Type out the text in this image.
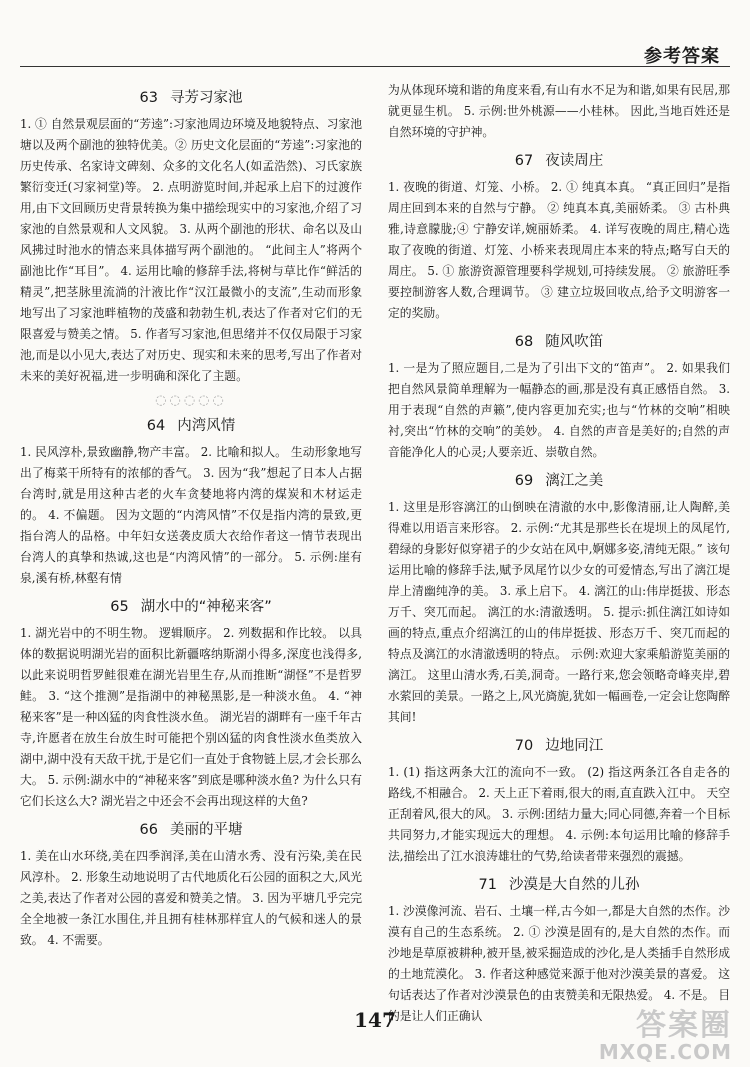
参考答案
63 寻芳习家池

1. ① 自然景观层面的“芳逵”:习家池周边环境及地貌特点、习家池塘以及两个副池的独特优美。② 历史文化层面的“芳逵”:习家池的历史传承、名家诗文碑刻、众多的文化名人(如孟浩然)、习氏家族繁衍变迁(习家祠堂)等。 2. 点明游览时间,并起承上启下的过渡作用,由下文回顾历史背景转换为集中描绘现实中的习家池,介绍了习家池的自然景观和人文风貌。 3. 从两个副池的形状、命名以及山风拂过时池水的情态来具体描写两个副池的。 “此间主人”将两个副池比作“耳目”。 4. 运用比喻的修辞手法,将树与草比作“鲜活的精灵”,把茎脉里流淌的汁液比作“汉江最微小的支流”,生动而形象地写出了习家池畔植物的茂盛和勃勃生机,表达了作者对它们的无限喜爱与赞美之情。 5. 作者写习家池,但思绪并不仅仅局限于习家池,而是以小见大,表达了对历史、现实和未来的思考,写出了作者对未来的美好祝福,进一步明确和深化了主题。

◌◌◌◌◌
64 内湾风情

1. 民风淳朴,景致幽静,物产丰富。 2. 比喻和拟人。 生动形象地写出了梅菜干所特有的浓郁的香气。 3. 因为“我”想起了日本人占据台湾时,就是用这种古老的火车贪婪地将内湾的煤炭和木材运走的。 4. 不偏题。 因为文题的“内湾风情”不仅是指内湾的景致,更指台湾人的品格。中年妇女送袭皮质大衣给作者这一情节表现出台湾人的真挚和热诚,这也是“内湾风情”的一部分。 5. 示例:崖有泉,溪有桥,林壑有情

65 湖水中的“神秘来客”

1. 湖光岩中的不明生物。 逻辑顺序。 2. 列数据和作比较。 以具体的数据说明湖光岩的面积比新疆喀纳斯湖小得多,深度也浅得多,以此来说明哲罗鲑很难在湖光岩里生存,从而推断“湖怪”不是哲罗鲑。 3. “这个推测”是指湖中的神秘黑影,是一种淡水鱼。 4. “神秘来客”是一种凶猛的肉食性淡水鱼。 湖光岩的湖畔有一座千年古寺,许愿者在放生台放生时可能把个别凶猛的肉食性淡水鱼类放入湖中,湖中没有天敌干扰,于是它们一直处于食物链上层,才会长那么大。 5. 示例:湖水中的“神秘来客”到底是哪种淡水鱼? 为什么只有它们长这么大? 湖光岩之中还会不会再出现这样的大鱼?

66 美丽的平塘

1. 美在山水环绕,美在四季润泽,美在山清水秀、没有污染,美在民风淳朴。 2. 形象生动地说明了古代地质化石公园的面积之大,风光之美,表达了作者对公园的喜爱和赞美之情。 3. 因为平塘几乎完完全全地被一条江水围住,并且拥有桂林那样宜人的气候和迷人的景致。 4. 不需要。

为从体现环境和谐的角度来看,有山有水不足为和谐,如果有民居,那就更显生机。 5. 示例:世外桃源——小桂林。 因此,当地百姓还是自然环境的守护神。

67 夜读周庄

1. 夜晚的街道、灯笼、小桥。 2. ① 纯真本真。 “真正回归”是指周庄回到本来的自然与宁静。 ② 纯真本真,美丽娇柔。 ③ 古朴典雅,诗意朦胧;④ 宁静安详,婉丽娇柔。 4. 详写夜晚的周庄,精心选取了夜晚的街道、灯笼、小桥来表现周庄本来的特点;略写白天的周庄。 5. ① 旅游资源管理要科学规划,可持续发展。 ② 旅游旺季要控制游客人数,合理调节。 ③ 建立垃圾回收点,给予文明游客一定的奖励。

68 随风吹笛

1. 一是为了照应题目,二是为了引出下文的“笛声”。 2. 如果我们把自然风景简单理解为一幅静态的画,那是没有真正感悟自然。 3. 用于表现“自然的声籁”,使内容更加充实;也与“竹林的交响”相映衬,突出“竹林的交响”的美妙。 4. 自然的声音是美好的;自然的声音能净化人的心灵;人要亲近、崇敬自然。

69 漓江之美

1. 这里是形容漓江的山倒映在清澈的水中,影像清丽,让人陶醉,美得难以用语言来形容。 2. 示例:“尤其是那些长在堤坝上的凤尾竹,碧绿的身影好似穿裙子的少女站在风中,婀娜多姿,清纯无限。” 该句运用比喻的修辞手法,赋予凤尾竹以少女的可爱情态,写出了漓江堤岸上清幽纯净的美。 3. 承上启下。 4. 漓江的山:伟岸挺拔、形态万千、突兀而起。 漓江的水:清澈透明。 5. 提示:抓住漓江如诗如画的特点,重点介绍漓江的山的伟岸挺拔、形态万千、突兀而起的特点及漓江的水清澈透明的特点。 示例:欢迎大家乘船游览美丽的漓江。 这里山清水秀,石美,洞奇。一路行来,您会领略奇峰夹岸,碧水萦回的美景。一路之上,风光旖旎,犹如一幅画卷,一定会让您陶醉其间!

70 边地同江

1. (1) 指这两条大江的流向不一致。 (2) 指这两条江各自走各的路线,不相融合。 2. 天上正下着雨,很大的雨,直直跌入江中。 天空正刮着风,很大的风。 3. 示例:团结力量大;同心同德,奔着一个目标共同努力,才能实现远大的理想。 4. 示例:本句运用比喻的修辞手法,描绘出了江水浪涛雄壮的气势,给读者带来强烈的震撼。

71 沙漠是大自然的儿孙

1. 沙漠像河流、岩石、土壤一样,古今如一,都是大自然的杰作。沙漠有自己的生态系统。 2. ① 沙漠是固有的,是大自然的杰作。而沙地是草原被耕种,被开垦,被采掘造成的沙化,是人类插手自然形成的土地荒漠化。 3. 作者这种感觉来源于他对沙漠美景的喜爱。 这句话表达了作者对沙漠景色的由衷赞美和无限热爱。 4. 不是。 目的是让人们正确认

147	答案圈
MXQE.COM
